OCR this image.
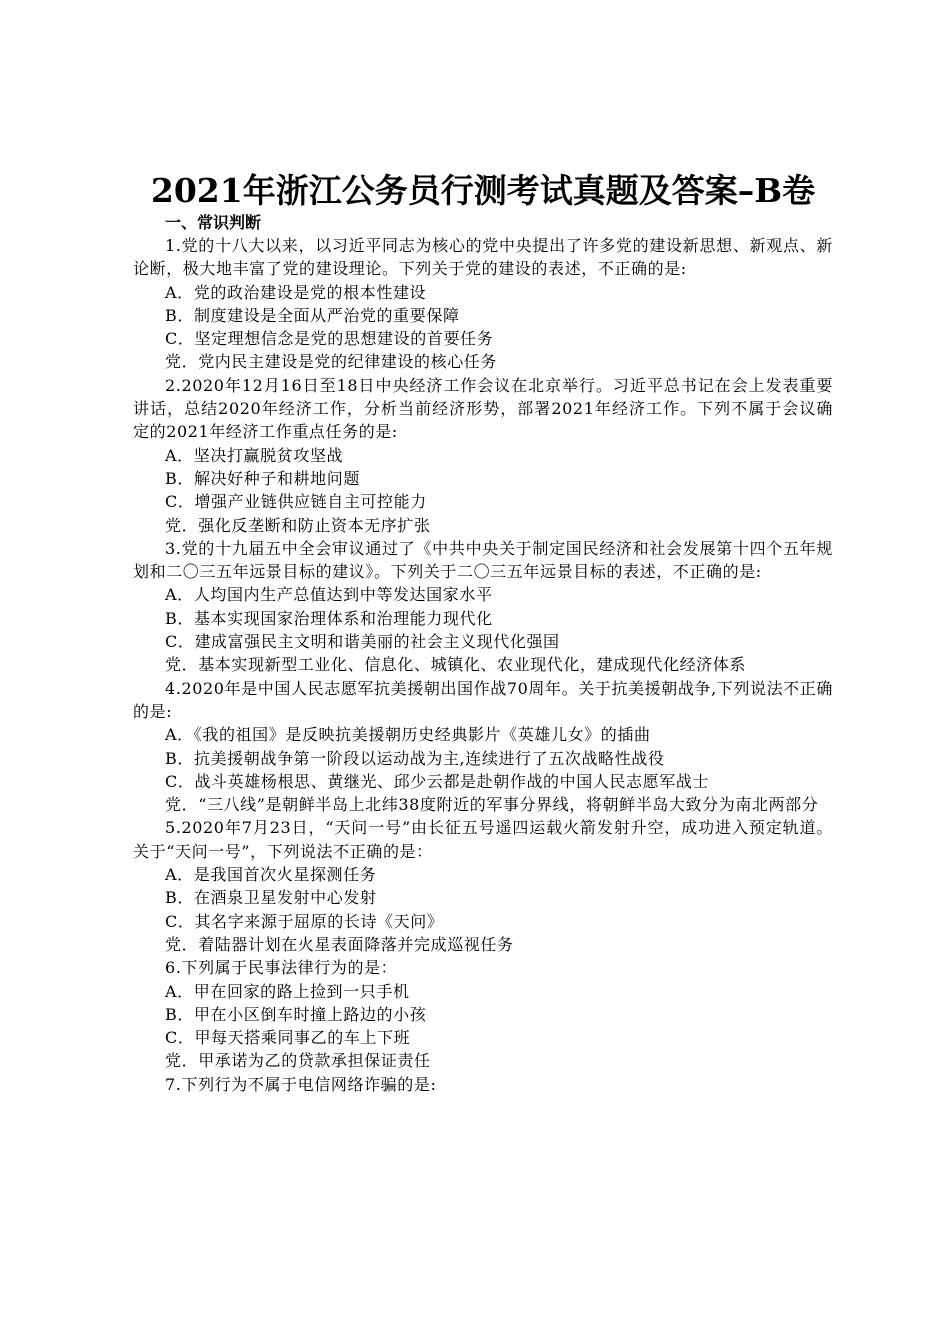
2021年浙江公务员行测考试真题及答案–B卷

一、常识判断

1.党的十八大以来，以习近平同志为核心的党中央提出了许多党的建设新思想、新观点、新论断，极大地丰富了党的建设理论。下列关于党的建设的表述，不正确的是:

A．党的政治建设是党的根本性建设

B．制度建设是全面从严治党的重要保障

C．坚定理想信念是党的思想建设的首要任务

党．党内民主建设是党的纪律建设的核心任务

2.2020年12月16日至18日中央经济工作会议在北京举行。习近平总书记在会上发表重要讲话，总结2020年经济工作，分析当前经济形势，部署2021年经济工作。下列不属于会议确定的2021年经济工作重点任务的是:

A．坚决打赢脱贫攻坚战

B．解决好种子和耕地问题

C．增强产业链供应链自主可控能力

党．强化反垄断和防止资本无序扩张

3.党的十九届五中全会审议通过了《中共中央关于制定国民经济和社会发展第十四个五年规划和二〇三五年远景目标的建议》。下列关于二〇三五年远景目标的表述，不正确的是:

A．人均国内生产总值达到中等发达国家水平

B．基本实现国家治理体系和治理能力现代化

C．建成富强民主文明和谐美丽的社会主义现代化强国

党．基本实现新型工业化、信息化、城镇化、农业现代化，建成现代化经济体系

4.2020年是中国人民志愿军抗美援朝出国作战70周年。关于抗美援朝战争,下列说法不正确的是:

A．《我的祖国》是反映抗美援朝历史经典影片《英雄儿女》的插曲

B．抗美援朝战争第一阶段以运动战为主,连续进行了五次战略性战役

C．战斗英雄杨根思、黄继光、邱少云都是赴朝作战的中国人民志愿军战士

党．“三八线”是朝鲜半岛上北纬38度附近的军事分界线，将朝鲜半岛大致分为南北两部分

5.2020年7月23日，“天问一号”由长征五号遥四运载火箭发射升空，成功进入预定轨道。关于“天问一号”，下列说法不正确的是：

A．是我国首次火星探测任务

B．在酒泉卫星发射中心发射

C．其名字来源于屈原的长诗《天问》

党．着陆器计划在火星表面降落并完成巡视任务

6.下列属于民事法律行为的是：

A．甲在回家的路上捡到一只手机

B．甲在小区倒车时撞上路边的小孩

C．甲每天搭乘同事乙的车上下班

党．甲承诺为乙的贷款承担保证责任

7.下列行为不属于电信网络诈骗的是:
